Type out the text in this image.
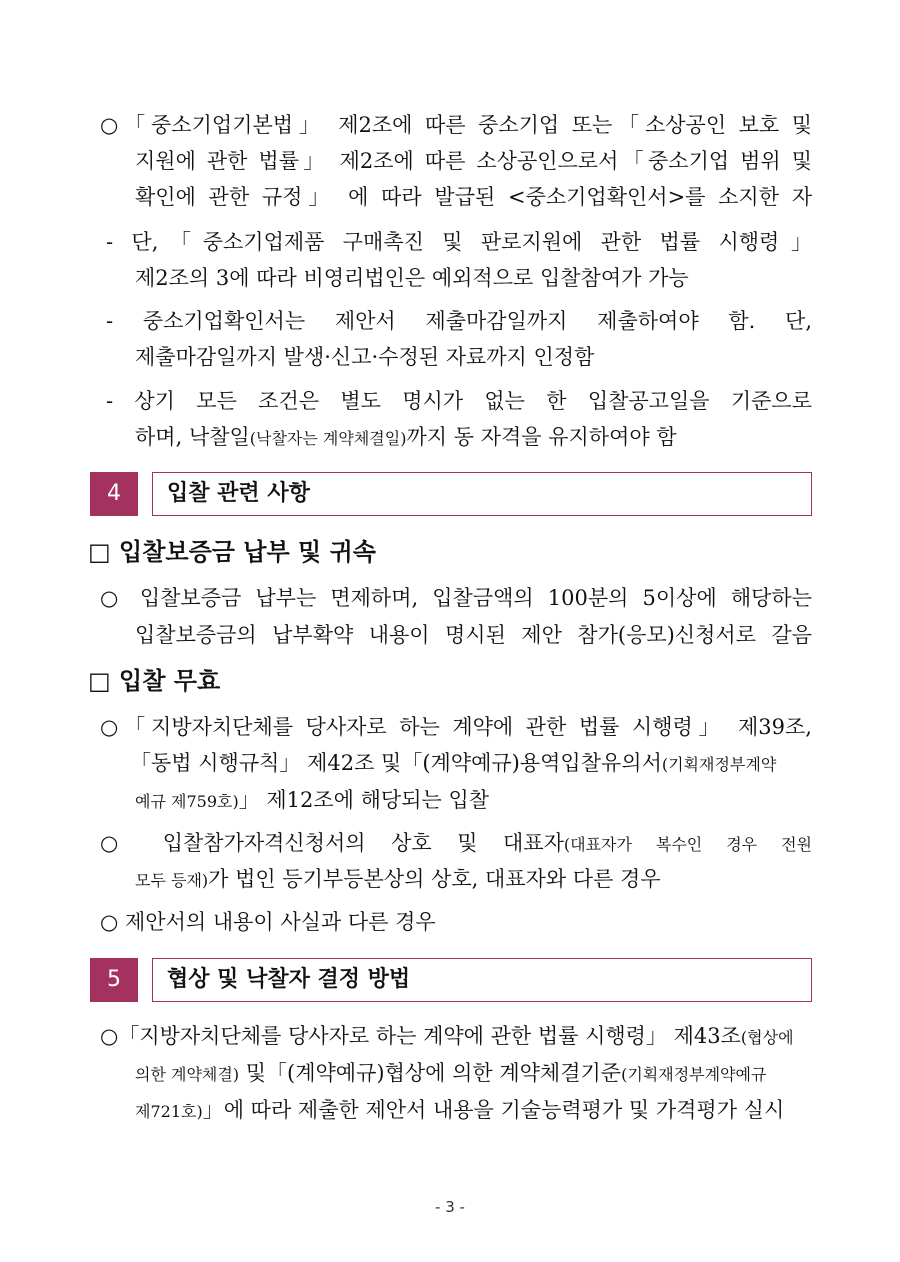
○「중소기업기본법」 제2조에 따른 중소기업 또는「소상공인 보호 및
지원에 관한 법률」 제2조에 따른 소상공인으로서「중소기업 범위 및
확인에 관한 규정」 에 따라 발급된 <중소기업확인서>를 소지한 자
- 단,「중소기업제품 구매촉진 및 판로지원에 관한 법률 시행령」
제2조의 3에 따라 비영리법인은 예외적으로 입찰참여가 가능
- 중소기업확인서는 제안서 제출마감일까지 제출하여야 함. 단,
제출마감일까지 발생·신고·수정된 자료까지 인정함
- 상기 모든 조건은 별도 명시가 없는 한 입찰공고일을 기준으로
하며, 낙찰일(낙찰자는 계약체결일)까지 동 자격을 유지하여야 함
4	입찰 관련 사항
□ 입찰보증금 납부 및 귀속
○ 입찰보증금 납부는 면제하며, 입찰금액의 100분의 5이상에 해당하는
입찰보증금의 납부확약 내용이 명시된 제안 참가(응모)신청서로 갈음
□ 입찰 무효
○「지방자치단체를 당사자로 하는 계약에 관한 법률 시행령」 제39조,
「동법 시행규칙」 제42조 및「(계약예규)용역입찰유의서(기획재정부계약
예규 제759호)」 제12조에 해당되는 입찰
○ 입찰참가자격신청서의 상호 및 대표자(대표자가 복수인 경우 전원
모두 등재)가 법인 등기부등본상의 상호, 대표자와 다른 경우
○ 제안서의 내용이 사실과 다른 경우
5	협상 및 낙찰자 결정 방법
○「지방자치단체를 당사자로 하는 계약에 관한 법률 시행령」 제43조(협상에
의한 계약체결) 및「(계약예규)협상에 의한 계약체결기준(기획재정부계약예규
제721호)」에 따라 제출한 제안서 내용을 기술능력평가 및 가격평가 실시
- 3 -
